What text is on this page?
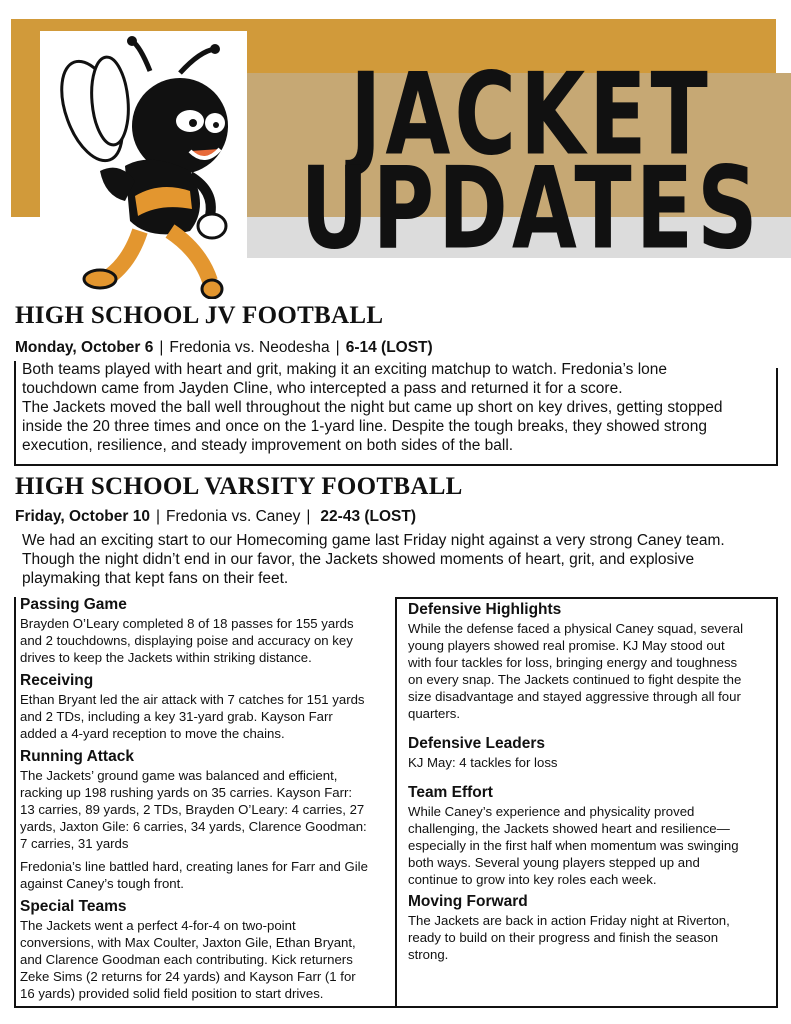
JACKET
UPDATES
HIGH SCHOOL JV FOOTBALL
Monday, October 6 | Fredonia vs. Neodesha | 6-14 (LOST)
Both teams played with heart and grit, making it an exciting matchup to watch. Fredonia’s lone
touchdown came from Jayden Cline, who intercepted a pass and returned it for a score.
The Jackets moved the ball well throughout the night but came up short on key drives, getting stopped
inside the 20 three times and once on the 1-yard line. Despite the tough breaks, they showed strong
execution, resilience, and steady improvement on both sides of the ball.
HIGH SCHOOL VARSITY FOOTBALL
Friday, October 10 | Fredonia vs. Caney | 22-43 (LOST)
We had an exciting start to our Homecoming game last Friday night against a very strong Caney team.
Though the night didn’t end in our favor, the Jackets showed moments of heart, grit, and explosive
playmaking that kept fans on their feet.
Passing Game

Brayden O’Leary completed 8 of 18 passes for 155 yards

and 2 touchdowns, displaying poise and accuracy on key

drives to keep the Jackets within striking distance.

Receiving

Ethan Bryant led the air attack with 7 catches for 151 yards

and 2 TDs, including a key 31-yard grab. Kayson Farr

added a 4-yard reception to move the chains.

Running Attack

The Jackets’ ground game was balanced and efficient,

racking up 198 rushing yards on 35 carries. Kayson Farr:

13 carries, 89 yards, 2 TDs, Brayden O’Leary: 4 carries, 27

yards, Jaxton Gile: 6 carries, 34 yards, Clarence Goodman:

7 carries, 31 yards

Fredonia’s line battled hard, creating lanes for Farr and Gile

against Caney’s tough front.

Special Teams

The Jackets went a perfect 4-for-4 on two-point

conversions, with Max Coulter, Jaxton Gile, Ethan Bryant,

and Clarence Goodman each contributing. Kick returners

Zeke Sims (2 returns for 24 yards) and Kayson Farr (1 for

16 yards) provided solid field position to start drives.

Defensive Highlights

While the defense faced a physical Caney squad, several

young players showed real promise. KJ May stood out

with four tackles for loss, bringing energy and toughness

on every snap. The Jackets continued to fight despite the

size disadvantage and stayed aggressive through all four

quarters.

Defensive Leaders

KJ May: 4 tackles for loss

Team Effort

While Caney’s experience and physicality proved

challenging, the Jackets showed heart and resilience—

especially in the first half when momentum was swinging

both ways. Several young players stepped up and

continue to grow into key roles each week.

Moving Forward

The Jackets are back in action Friday night at Riverton,

ready to build on their progress and finish the season

strong.
